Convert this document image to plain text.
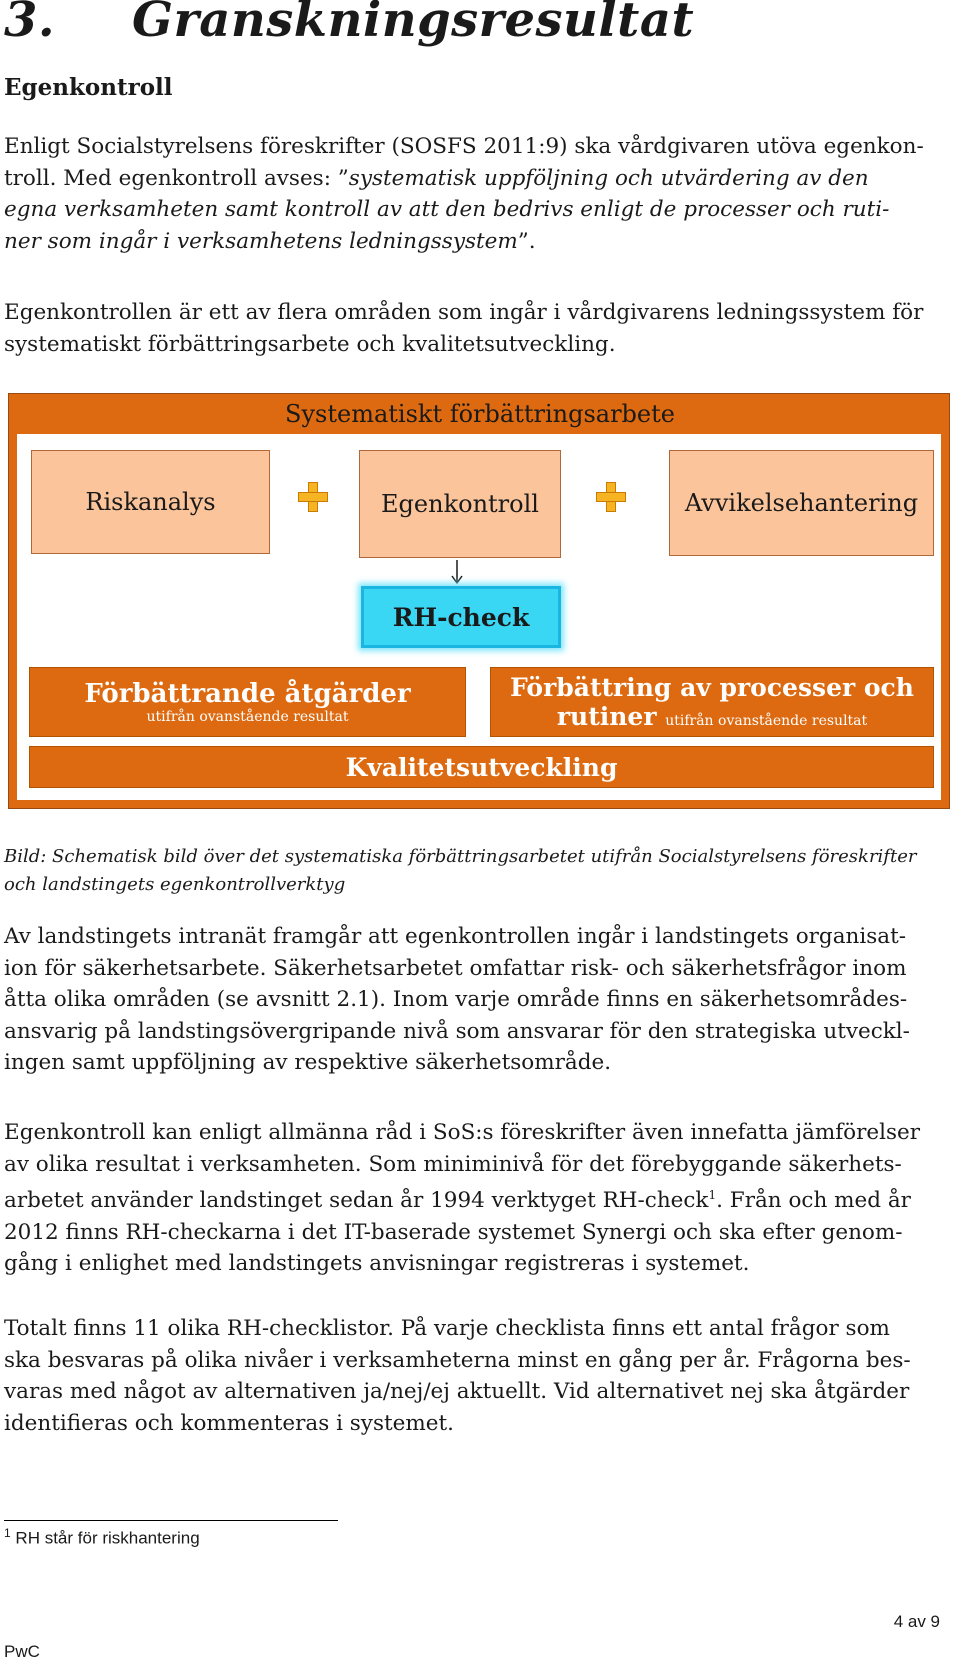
3. Granskningsresultat
Egenkontroll
Enligt Socialstyrelsens föreskrifter (SOSFS 2011:9) ska vårdgivaren utöva egenkon-
troll. Med egenkontroll avses: ”systematisk uppföljning och utvärdering av den
egna verksamheten samt kontroll av att den bedrivs enligt de processer och ruti-
ner som ingår i verksamhetens ledningssystem”.
Egenkontrollen är ett av flera områden som ingår i vårdgivarens ledningssystem för
systematiskt förbättringsarbete och kvalitetsutveckling.
Systematiskt förbättringsarbete
Riskanalys	Egenkontroll	Avvikelsehantering
RH-check
Förbättrande åtgärder
utifrån ovanstående resultat
Förbättring av processer och
rutiner utifrån ovanstående resultat
Kvalitetsutveckling
Bild: Schematisk bild över det systematiska förbättringsarbetet utifrån Socialstyrelsens föreskrifter
och landstingets egenkontrollverktyg
Av landstingets intranät framgår att egenkontrollen ingår i landstingets organisat-
ion för säkerhetsarbete. Säkerhetsarbetet omfattar risk- och säkerhetsfrågor inom
åtta olika områden (se avsnitt 2.1). Inom varje område finns en säkerhetsområdes-
ansvarig på landstingsövergripande nivå som ansvarar för den strategiska utveckl-
ingen samt uppföljning av respektive säkerhetsområde.
Egenkontroll kan enligt allmänna råd i SoS:s föreskrifter även innefatta jämförelser
av olika resultat i verksamheten. Som miniminivå för det förebyggande säkerhets-
arbetet använder landstinget sedan år 1994 verktyget RH-check$^1$. Från och med år
2012 finns RH-checkarna i det IT-baserade systemet Synergi och ska efter genom-
gång i enlighet med landstingets anvisningar registreras i systemet.
Totalt finns 11 olika RH-checklistor. På varje checklista finns ett antal frågor som
ska besvaras på olika nivåer i verksamheterna minst en gång per år. Frågorna bes-
varas med något av alternativen ja/nej/ej aktuellt. Vid alternativet nej ska åtgärder
identifieras och kommenteras i systemet.
$^1$ RH står för riskhantering
4 av 9
PwC
